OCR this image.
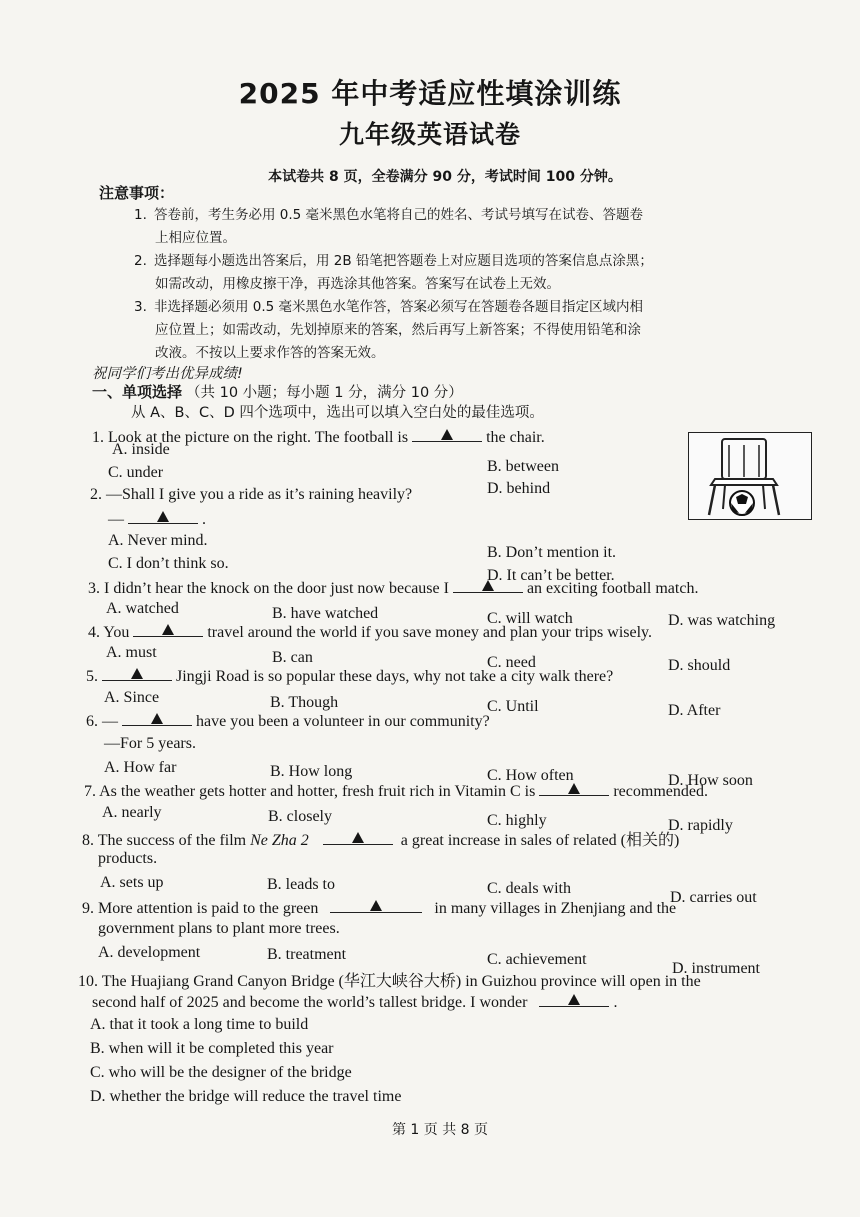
2025 年中考适应性填涂训练
九年级英语试卷
本试卷共 8 页，全卷满分 90 分，考试时间 100 分钟。
注意事项：
1. 答卷前，考生务必用 0.5 毫米黑色水笔将自己的姓名、考试号填写在试卷、答题卷
上相应位置。
2. 选择题每小题选出答案后，用 2B 铅笔把答题卷上对应题目选项的答案信息点涂黑；
如需改动，用橡皮擦干净，再选涂其他答案。答案写在试卷上无效。
3. 非选择题必须用 0.5 毫米黑色水笔作答，答案必须写在答题卷各题目指定区域内相
应位置上；如需改动，先划掉原来的答案，然后再写上新答案；不得使用铅笔和涂
改液。不按以上要求作答的答案无效。
祝同学们考出优异成绩!
一、单项选择 （共 10 小题；每小题 1 分，满分 10 分）
从 A、B、C、D 四个选项中，选出可以填入空白处的最佳选项。
1. Look at the picture on the right. The football is	the chair.
A. inside
B. between
C. under
D. behind
2. —Shall I give you a ride as it’s raining heavily?
—	.
A. Never mind.
B. Don’t mention it.
C. I don’t think so.
D. It can’t be better.
3. I didn’t hear the knock on the door just now because I	an exciting football match.
A. watched	B. have watched	C. will watch	D. was watching
4. You	travel around the world if you save money and plan your trips wisely.
A. must	B. can	C. need	D. should
5.	Jingji Road is so popular these days, why not take a city walk there?
A. Since	B. Though	C. Until	D. After
6. —	have you been a volunteer in our community?
—For 5 years.
A. How far	B. How long	C. How often	D. How soon
7. As the weather gets hotter and hotter, fresh fruit rich in Vitamin C is	recommended.
A. nearly	B. closely	C. highly	D. rapidly
8. The success of the film Ne Zha 2	a great increase in sales of related (相关的)
products.
A. sets up	B. leads to	C. deals with
D. carries out
9. More attention is paid to the green	in many villages in Zhenjiang and the
government plans to plant more trees.
A. development	B. treatment	C. achievement
D. instrument
10. The Huajiang Grand Canyon Bridge (华江大峡谷大桥) in Guizhou province will open in the
second half of 2025 and become the world’s tallest bridge. I wonder	.
A. that it took a long time to build
B. when will it be completed this year
C. who will be the designer of the bridge
D. whether the bridge will reduce the travel time
第 1 页 共 8 页
